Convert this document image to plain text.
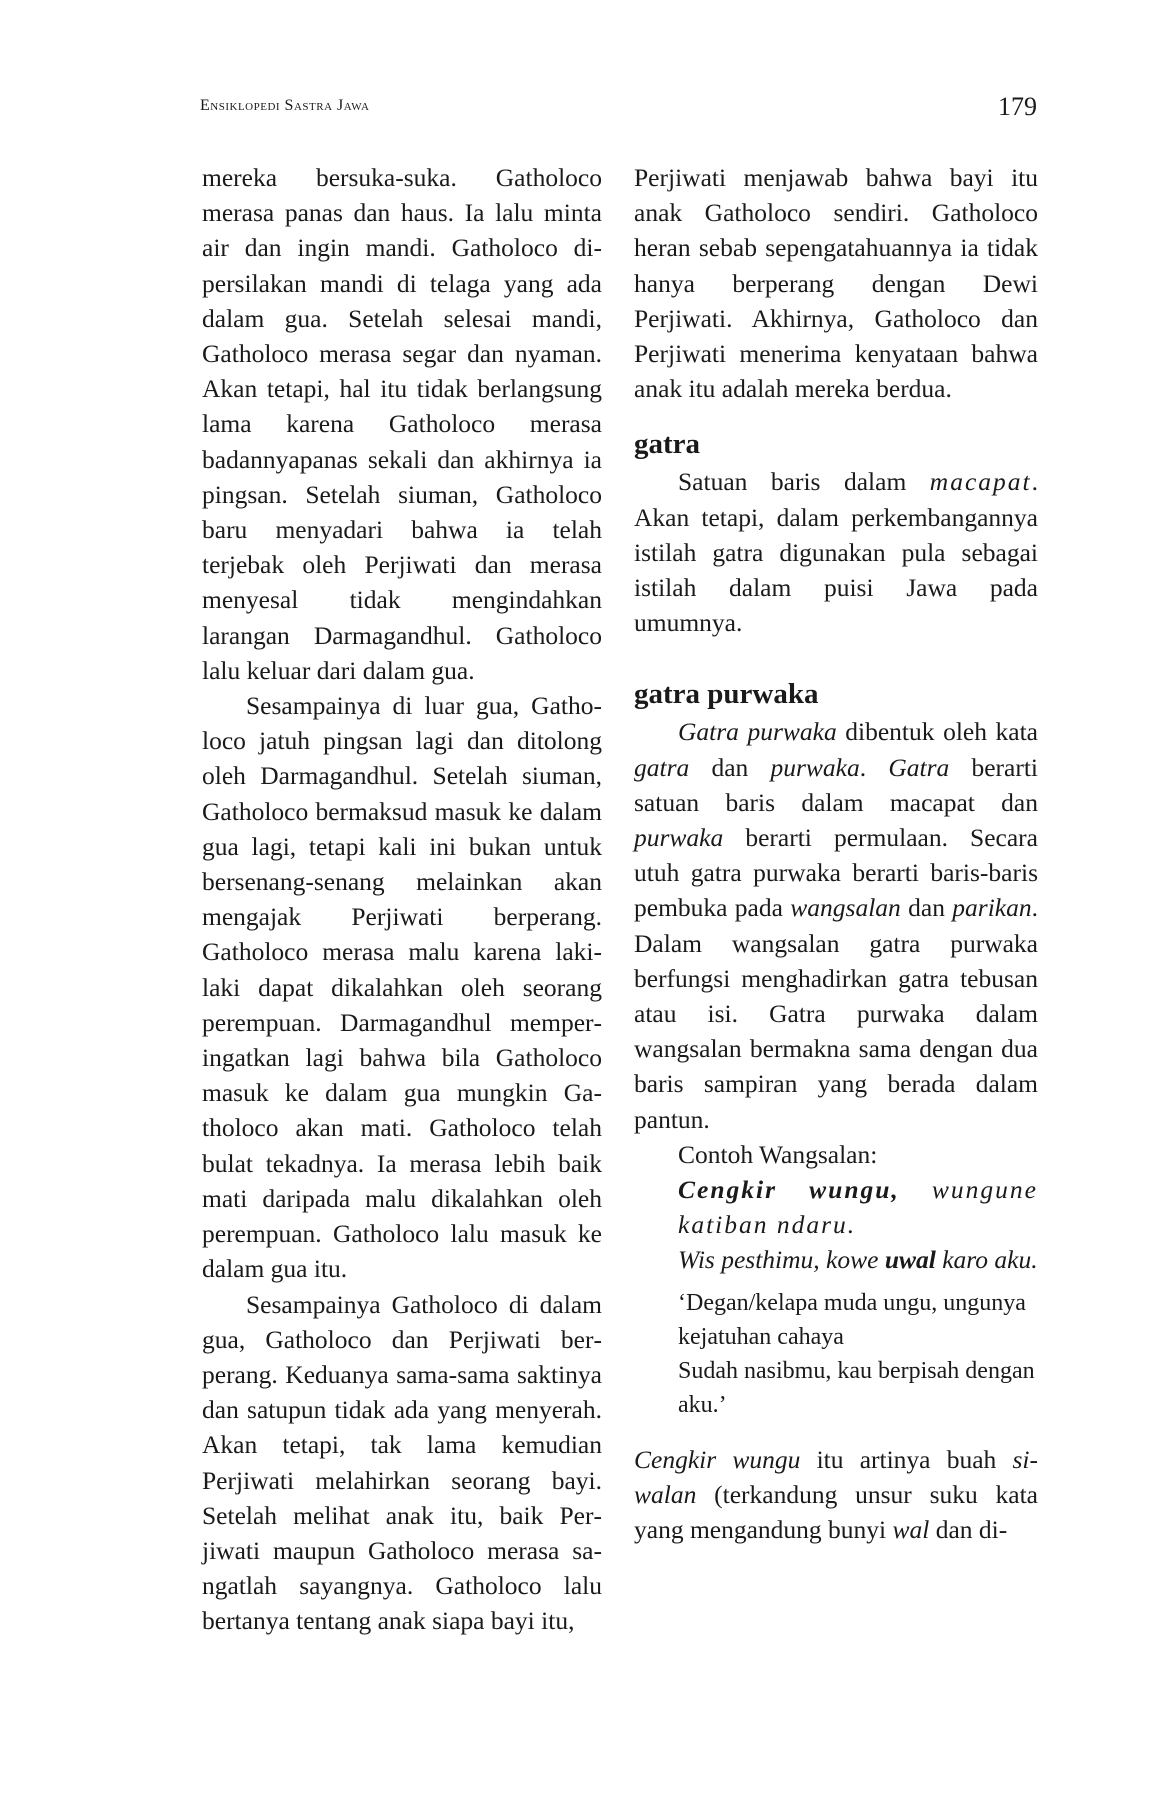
Ensiklopedi Sastra Jawa	179

mereka bersuka-suka. Gatholoco merasa panas dan haus. Ia lalu minta air dan ingin mandi. Gatholoco dipersilakan mandi di telaga yang ada dalam gua. Setelah selesai mandi, Gatholoco merasa segar dan nyaman. Akan tetapi, hal itu tidak berlangsung lama karena Gatholoco merasa badannyapanas sekali dan akhirnya ia pingsan. Setelah siuman, Gatholoco baru menyadari bahwa ia telah terjebak oleh Perjiwati dan merasa menyesal tidak mengindahkan larangan Darmagandhul. Gatholoco lalu keluar dari dalam gua.

Sesampainya di luar gua, Gatholoco jatuh pingsan lagi dan ditolong oleh Darmagandhul. Setelah siuman, Gatholoco bermaksud masuk ke dalam gua lagi, tetapi kali ini bukan untuk bersenang-senang melainkan akan mengajak Perjiwati berperang. Gatholoco merasa malu karena laki-laki dapat dikalahkan oleh seorang perempuan. Darmagandhul memperingatkan lagi bahwa bila Gatholoco masuk ke dalam gua mungkin Gatholoco akan mati. Gatholoco telah bulat tekadnya. Ia merasa lebih baik mati daripada malu dikalahkan oleh perempuan. Gatholoco lalu masuk ke dalam gua itu.

Sesampainya Gatholoco di dalam gua, Gatholoco dan Perjiwati berperang. Keduanya sama-sama saktinya dan satupun tidak ada yang menyerah. Akan tetapi, tak lama kemudian Perjiwati melahirkan seorang bayi. Setelah melihat anak itu, baik Perjiwati maupun Gatholoco merasa sangatlah sayangnya. Gatholoco lalu bertanya tentang anak siapa bayi itu,

Perjiwati menjawab bahwa bayi itu anak Gatholoco sendiri. Gatholoco heran sebab sepengatahuannya ia tidak hanya berperang dengan Dewi Perjiwati. Akhirnya, Gatholoco dan Perjiwati menerima kenyataan bahwa anak itu adalah mereka berdua.

gatra

Satuan baris dalam macapat. Akan tetapi, dalam perkembangannya istilah gatra digunakan pula sebagai istilah dalam puisi Jawa pada umumnya.

gatra purwaka

Gatra purwaka dibentuk oleh kata gatra dan purwaka. Gatra berarti satuan baris dalam macapat dan purwaka berarti permulaan. Secara utuh gatra purwaka berarti baris-baris pembuka pada wangsalan dan parikan. Dalam wangsalan gatra purwaka berfungsi menghadirkan gatra tebusan atau isi. Gatra purwaka dalam wangsalan bermakna sama dengan dua baris sampiran yang berada dalam pantun.

Contoh Wangsalan:

Cengkir wungu, wungune katiban ndaru.

Wis pesthimu, kowe uwal karo aku.

‘Degan/kelapa muda ungu, ungunya kejatuhan cahaya

Sudah nasibmu, kau berpisah dengan aku.’

Cengkir wungu itu artinya buah siwalan (terkandung unsur suku kata yang mengandung bunyi wal dan di-
